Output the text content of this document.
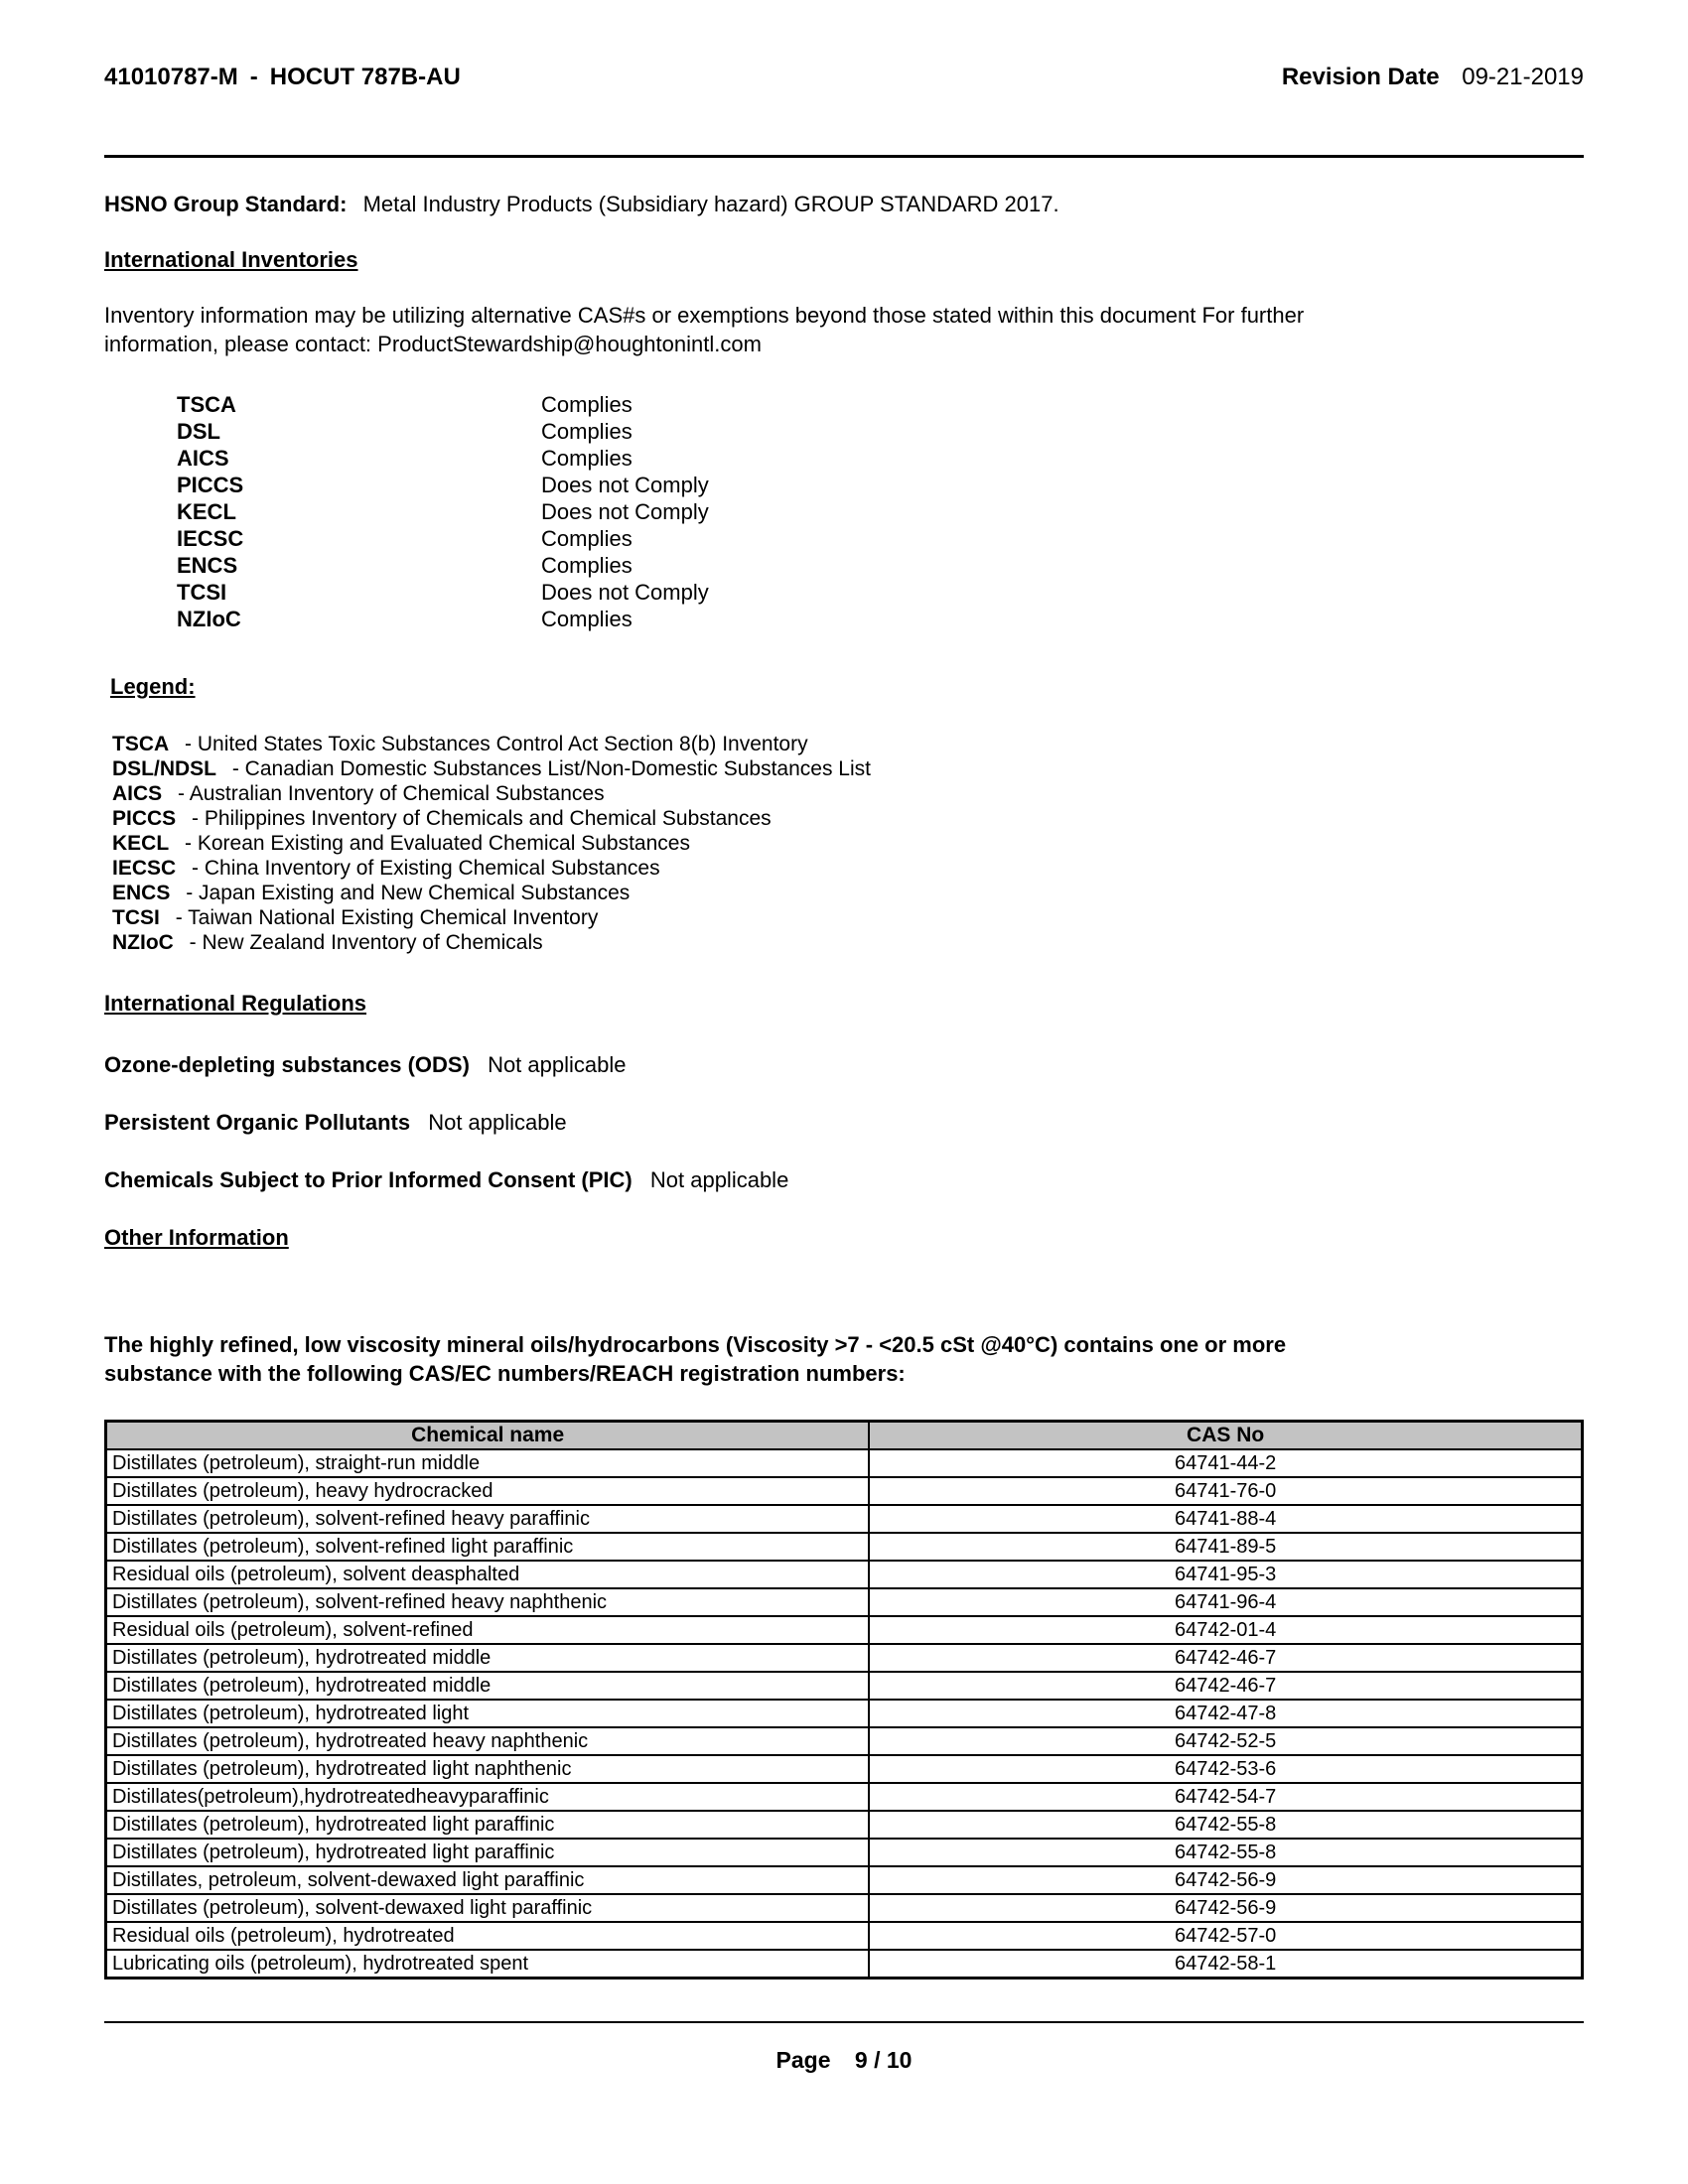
41010787-M - HOCUT 787B-AU	Revision Date 09-21-2019
HSNO Group Standard: Metal Industry Products (Subsidiary hazard) GROUP STANDARD 2017.
International Inventories
Inventory information may be utilizing alternative CAS#s or exemptions beyond those stated within this document For further
information, please contact: ProductStewardship@houghtonintl.com
TSCA	Complies
DSL	Complies
AICS	Complies
PICCS	Does not Comply
KECL	Does not Comply
IECSC	Complies
ENCS	Complies
TCSI	Does not Comply
NZIoC	Complies
Legend:
TSCA - United States Toxic Substances Control Act Section 8(b) Inventory
DSL/NDSL - Canadian Domestic Substances List/Non-Domestic Substances List
AICS - Australian Inventory of Chemical Substances
PICCS - Philippines Inventory of Chemicals and Chemical Substances
KECL - Korean Existing and Evaluated Chemical Substances
IECSC - China Inventory of Existing Chemical Substances
ENCS - Japan Existing and New Chemical Substances
TCSI - Taiwan National Existing Chemical Inventory
NZIoC - New Zealand Inventory of Chemicals
International Regulations
Ozone-depleting substances (ODS) Not applicable
Persistent Organic Pollutants Not applicable
Chemicals Subject to Prior Informed Consent (PIC) Not applicable
Other Information
The highly refined, low viscosity mineral oils/hydrocarbons (Viscosity >7 - <20.5 cSt @40°C) contains one or more
substance with the following CAS/EC numbers/REACH registration numbers:
Chemical name	CAS No
Distillates (petroleum), straight-run middle	64741-44-2
Distillates (petroleum), heavy hydrocracked	64741-76-0
Distillates (petroleum), solvent-refined heavy paraffinic	64741-88-4
Distillates (petroleum), solvent-refined light paraffinic	64741-89-5
Residual oils (petroleum), solvent deasphalted	64741-95-3
Distillates (petroleum), solvent-refined heavy naphthenic	64741-96-4
Residual oils (petroleum), solvent-refined	64742-01-4
Distillates (petroleum), hydrotreated middle	64742-46-7
Distillates (petroleum), hydrotreated middle	64742-46-7
Distillates (petroleum), hydrotreated light	64742-47-8
Distillates (petroleum), hydrotreated heavy naphthenic	64742-52-5
Distillates (petroleum), hydrotreated light naphthenic	64742-53-6
Distillates(petroleum),hydrotreatedheavyparaffinic	64742-54-7
Distillates (petroleum), hydrotreated light paraffinic	64742-55-8
Distillates (petroleum), hydrotreated light paraffinic	64742-55-8
Distillates, petroleum, solvent-dewaxed light paraffinic	64742-56-9
Distillates (petroleum), solvent-dewaxed light paraffinic	64742-56-9
Residual oils (petroleum), hydrotreated	64742-57-0
Lubricating oils (petroleum), hydrotreated spent	64742-58-1
Page 9 / 10
